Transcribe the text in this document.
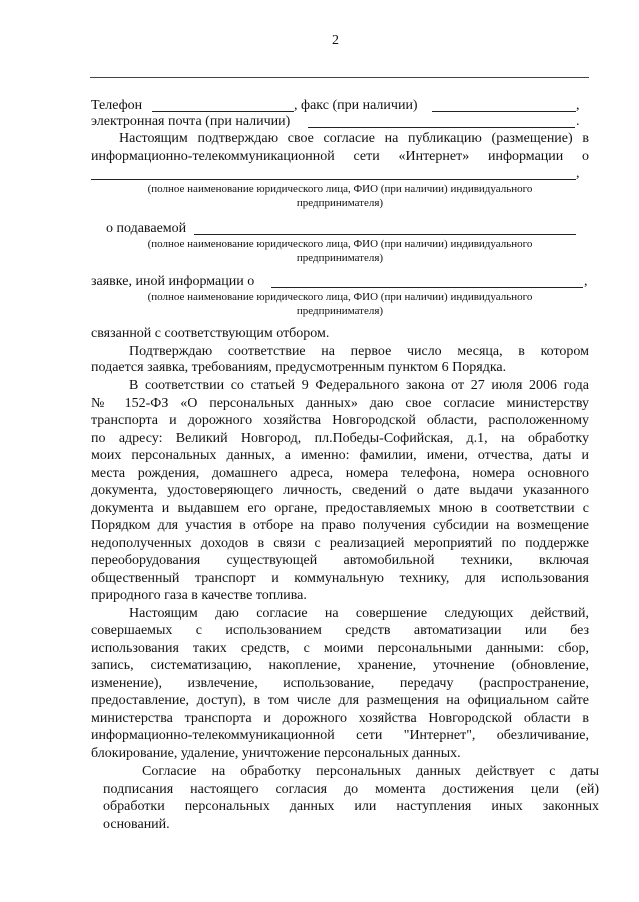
2
Телефон	, факс (при наличии)	,
электронная почта (при наличии)	.
Настоящим подтверждаю свое согласие на публикацию (размещение) в
информационно-телекоммуникационной сети «Интернет» информации о
,
(полное наименование юридического лица, ФИО (при наличии) индивидуального
предпринимателя)
о подаваемой
(полное наименование юридического лица, ФИО (при наличии) индивидуального
предпринимателя)
заявке, иной информации о	,
(полное наименование юридического лица, ФИО (при наличии) индивидуального
предпринимателя)
связанной с соответствующим отбором.
Подтверждаю соответствие на первое число месяца, в котором
подается заявка, требованиям, предусмотренным пунктом 6 Порядка.
В соответствии со статьей 9 Федерального закона от 27 июля 2006 года
№ 152-ФЗ «О персональных данных» даю свое согласие министерству
транспорта и дорожного хозяйства Новгородской области, расположенному
по адресу: Великий Новгород, пл.Победы-Софийская, д.1, на обработку
моих персональных данных, а именно: фамилии, имени, отчества, даты и
места рождения, домашнего адреса, номера телефона, номера основного
документа, удостоверяющего личность, сведений о дате выдачи указанного
документа и выдавшем его органе, предоставляемых мною в соответствии с
Порядком для участия в отборе на право получения субсидии на возмещение
недополученных доходов в связи с реализацией мероприятий по поддержке
переоборудования существующей автомобильной техники, включая
общественный транспорт и коммунальную технику, для использования
природного газа в качестве топлива.
Настоящим даю согласие на совершение следующих действий,
совершаемых с использованием средств автоматизации или без
использования таких средств, с моими персональными данными: сбор,
запись, систематизацию, накопление, хранение, уточнение (обновление,
изменение), извлечение, использование, передачу (распространение,
предоставление, доступ), в том числе для размещения на официальном сайте
министерства транспорта и дорожного хозяйства Новгородской области в
информационно-телекоммуникационной сети "Интернет", обезличивание,
блокирование, удаление, уничтожение персональных данных.
Согласие на обработку персональных данных действует с даты
подписания настоящего согласия до момента достижения цели (ей)
обработки персональных данных или наступления иных законных
оснований.
